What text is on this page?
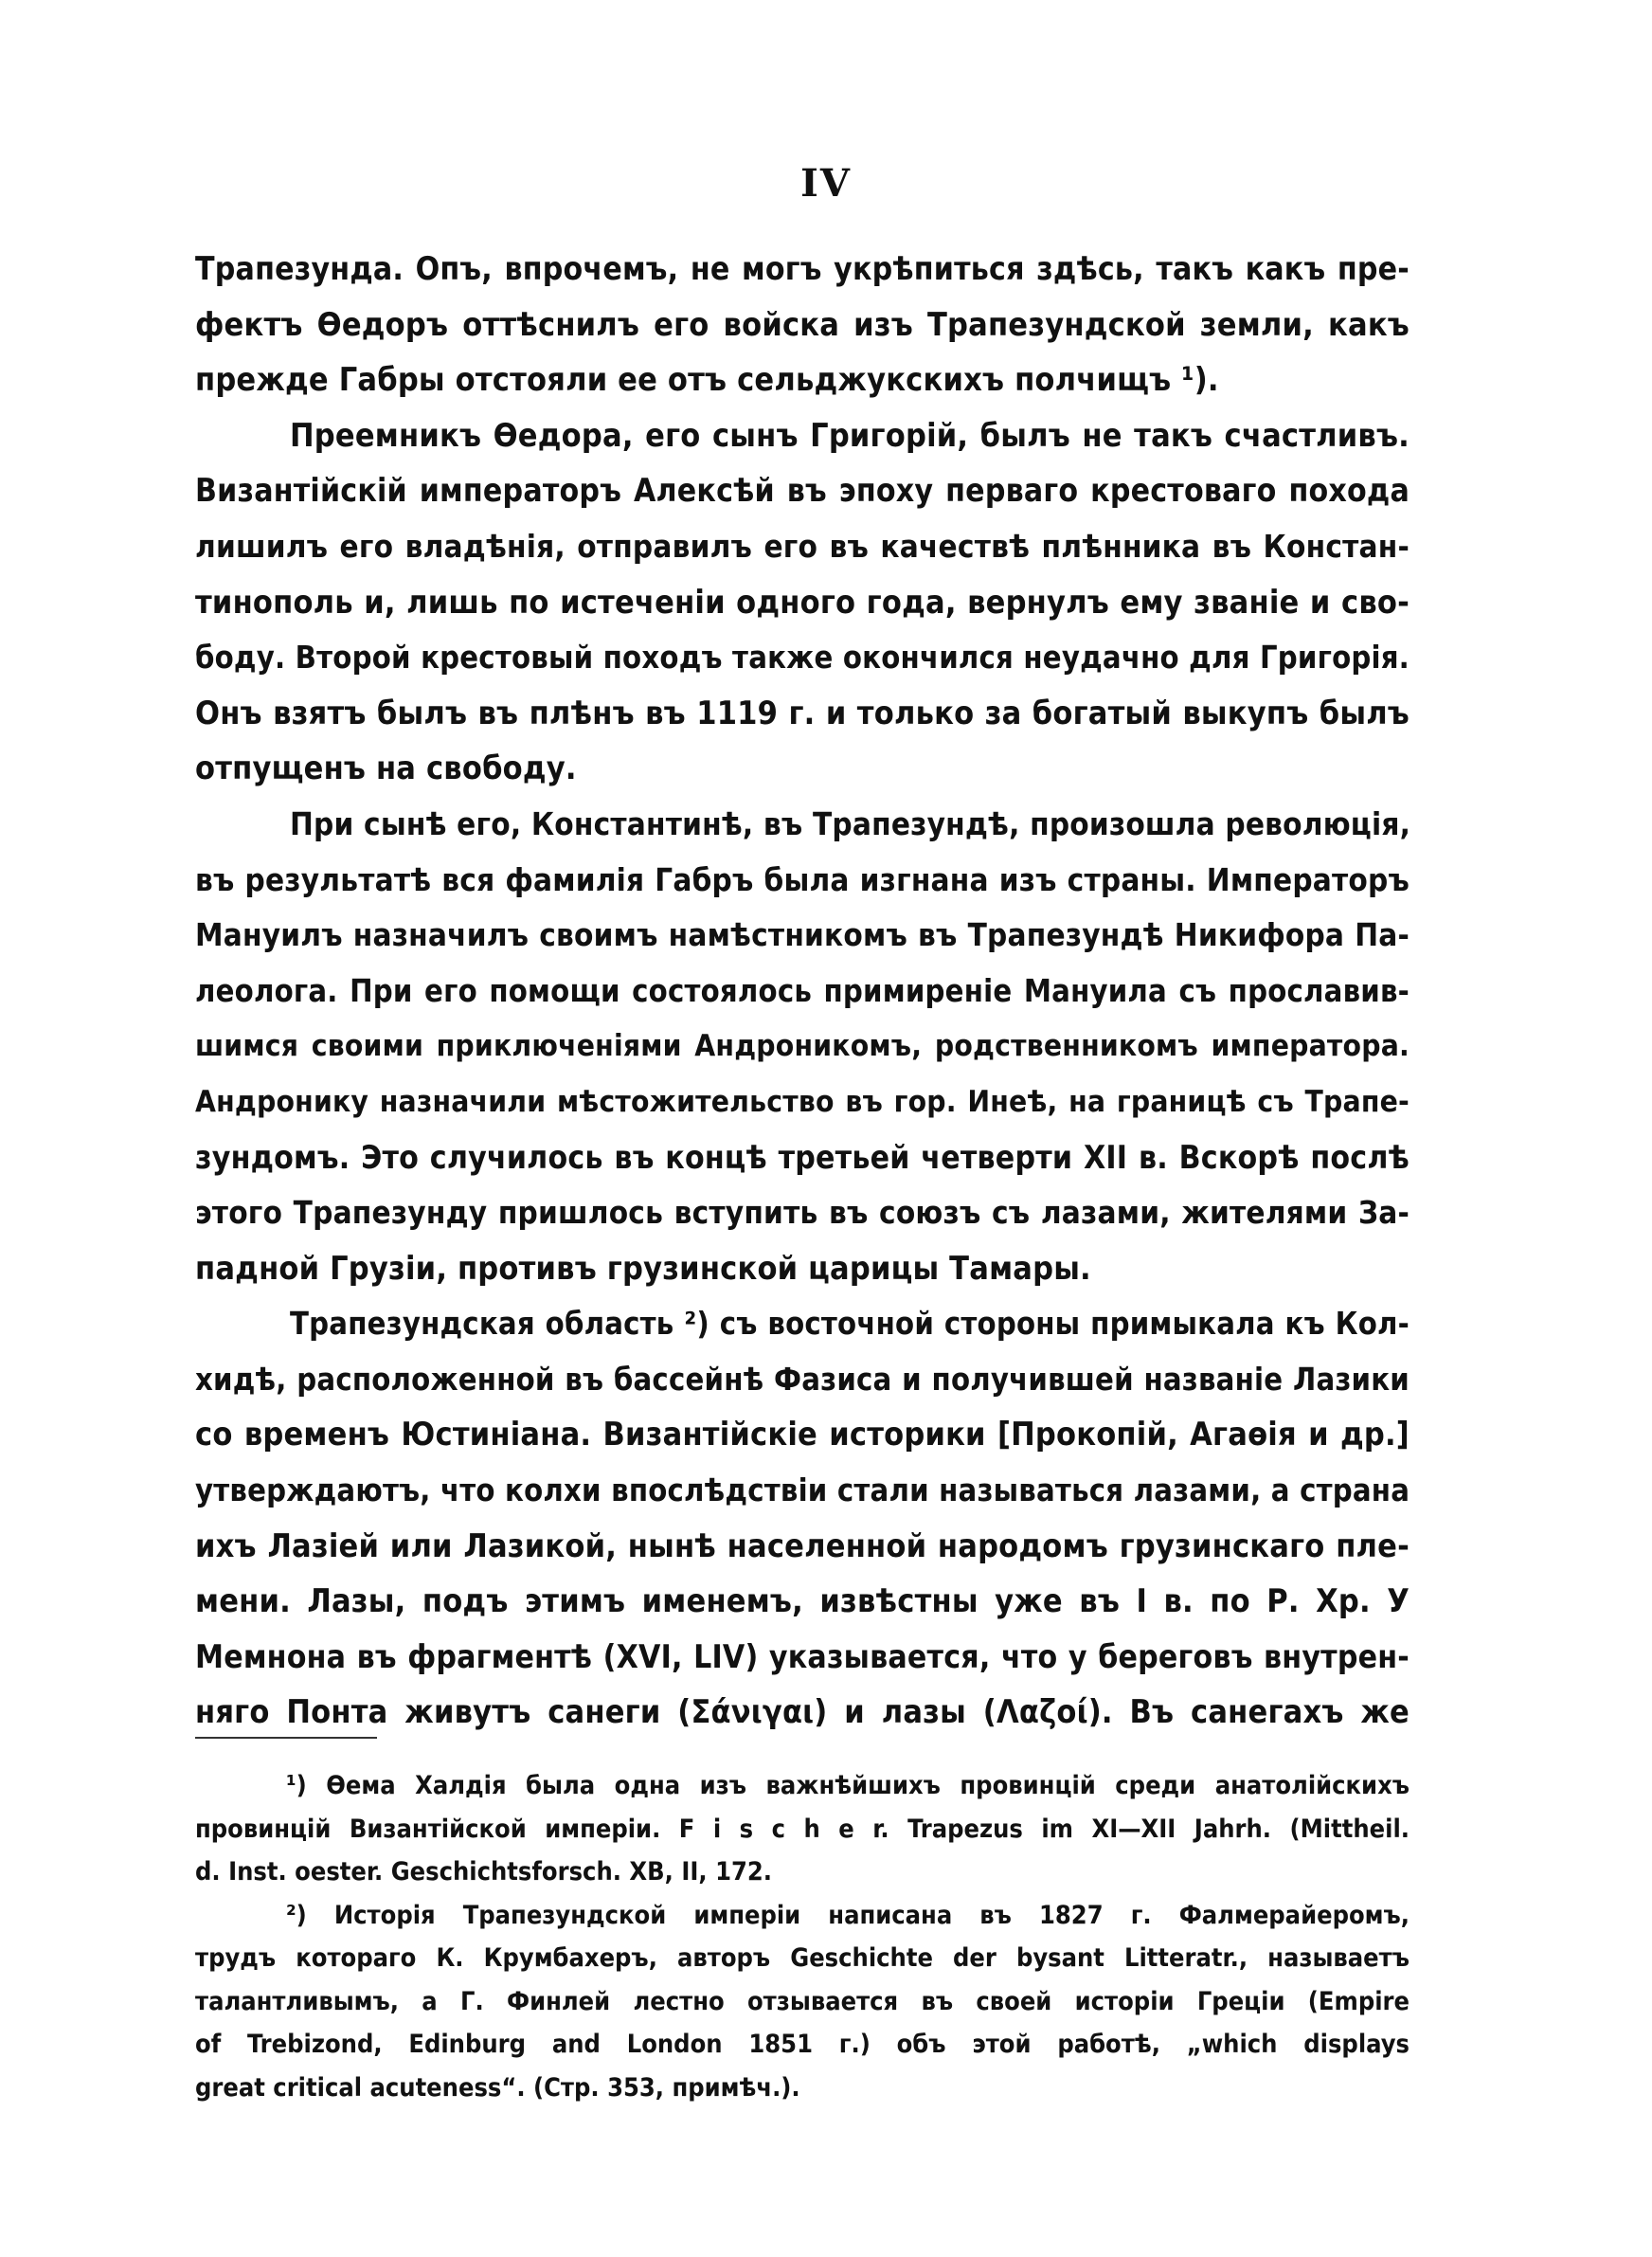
IV
Трапезунда. Опъ, впрочемъ, не могъ укрѣпиться здѣсь, такъ какъ пре-
фектъ Ѳедоръ оттѣснилъ его войска изъ Трапезундской земли, какъ
прежде Габры отстояли ее отъ сельджукскихъ полчищъ ¹).
Преемникъ Ѳедора, его сынъ Григорій, былъ не такъ счастливъ.
Византійскій императоръ Алексѣй въ эпоху перваго крестоваго похода
лишилъ его владѣнія, отправилъ его въ качествѣ плѣнника въ Констан-
тинополь и, лишь по истеченіи одного года, вернулъ ему званіе и сво-
боду. Второй крестовый походъ также окончился неудачно для Григорія.
Онъ взятъ былъ въ плѣнъ въ 1119 г. и только за богатый выкупъ былъ
отпущенъ на свободу.
При сынѣ его, Константинѣ, въ Трапезундѣ, произошла революція,
въ результатѣ вся фамилія Габръ была изгнана изъ страны. Императоръ
Мануилъ назначилъ своимъ намѣстникомъ въ Трапезундѣ Никифора Па-
леолога. При его помощи состоялось примиреніе Мануила съ прославив-
шимся своими приключеніями Андроникомъ, родственникомъ императора.
Андронику назначили мѣстожительство въ гор. Инеѣ, на границѣ съ Трапе-
зундомъ. Это случилось въ концѣ третьей четверти XII в. Вскорѣ послѣ
этого Трапезунду пришлось вступить въ союзъ съ лазами, жителями За-
падной Грузіи, противъ грузинской царицы Тамары.
Трапезундская область ²) съ восточной стороны примыкала къ Кол-
хидѣ, расположенной въ бассейнѣ Фазиса и получившей названіе Лазики
со временъ Юстиніана. Византійскіе историки [Прокопій, Агаѳія и др.]
утверждаютъ, что колхи впослѣдствіи стали называться лазами, а страна
ихъ Лазіей или Лазикой, нынѣ населенной народомъ грузинскаго пле-
мени. Лазы, подъ этимъ именемъ, извѣстны уже въ I в. по Р. Хр. У
Мемнона въ фрагментѣ (XVI, LIV) указывается, что у береговъ внутрен-
няго Понта живутъ санеги (Σάνιγαι) и лазы (Λαζοί). Въ санегахъ же
¹) Ѳема Халдія была одна изъ важнѣйшихъ провинцій среди анатолійскихъ
провинцій Византійской имперіи. F i s c h e r. Trapezus im XI—XII Jahrh. (Mittheil.
d. Inst. oester. Geschichtsforsch. XB, II, 172.
²) Исторія Трапезундской имперіи написана въ 1827 г. Фалмерайеромъ,
трудъ котораго К. Крумбахеръ, авторъ Geschichte der bysant Litteratr., называетъ
талантливымъ, а Г. Финлей лестно отзывается въ своей исторіи Греціи (Empire
of Trebizond, Edinburg and London 1851 г.) объ этой работѣ, „which displays
great critical acuteness“. (Стр. 353, примѣч.).
